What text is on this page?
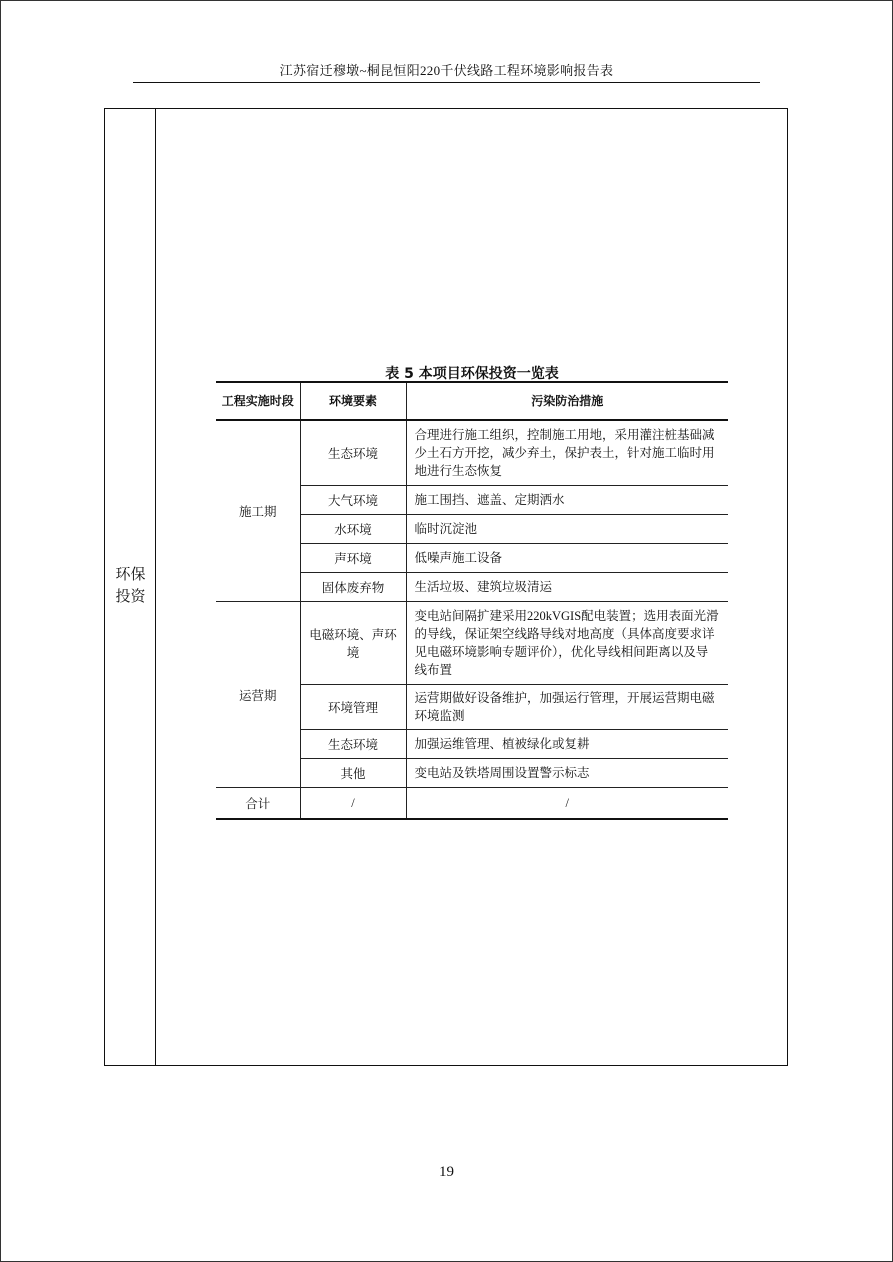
江苏宿迁穆墩~桐昆恒阳220千伏线路工程环境影响报告表
环保
投资
表 5 本项目环保投资一览表
工程实施时段	环境要素	污染防治措施
施工期	生态环境	合理进行施工组织，控制施工用地，采用灌注桩基础减少土石方开挖，减少弃土，保护表土，针对施工临时用地进行生态恢复
	大气环境	施工围挡、遮盖、定期洒水
	水环境	临时沉淀池
	声环境	低噪声施工设备
	固体废弃物	生活垃圾、建筑垃圾清运
运营期	电磁环境、声环境	变电站间隔扩建采用220kVGIS配电装置；选用表面光滑的导线，保证架空线路导线对地高度（具体高度要求详见电磁环境影响专题评价），优化导线相间距离以及导线布置
	环境管理	运营期做好设备维护，加强运行管理，开展运营期电磁环境监测
	生态环境	加强运维管理、植被绿化或复耕
	其他	变电站及铁塔周围设置警示标志
合计	/	/
19
